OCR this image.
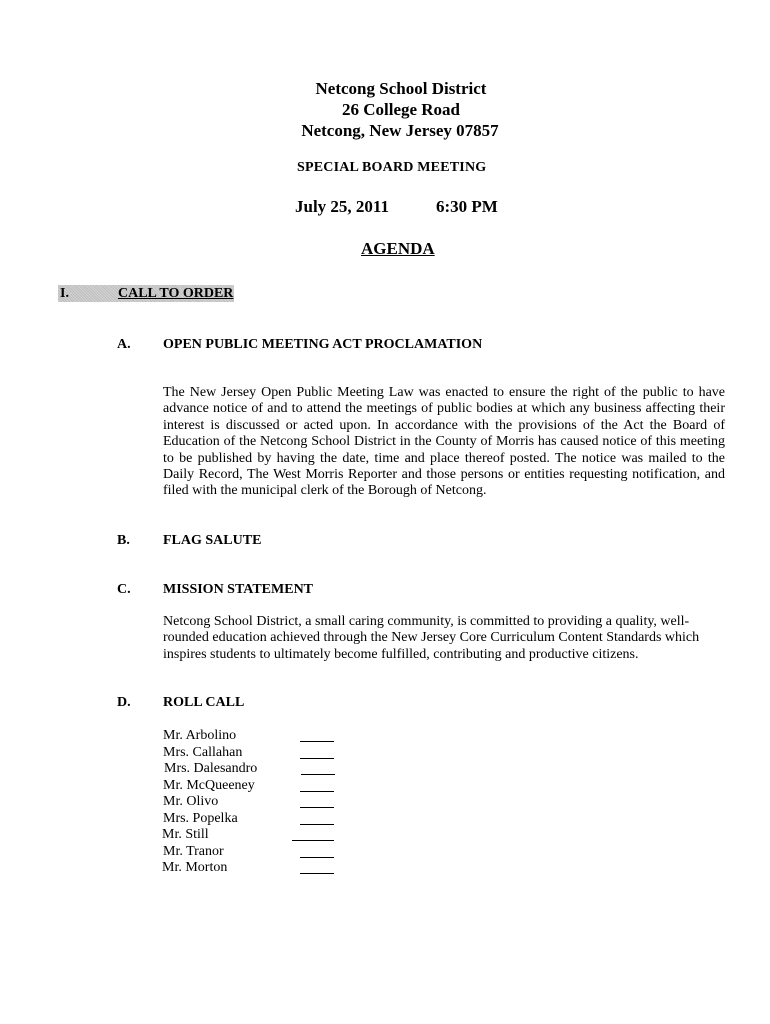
Netcong School District
26 College Road
Netcong, New Jersey 07857
SPECIAL BOARD MEETING
July 25, 2011	6:30 PM
AGENDA
I.	CALL TO ORDER
A. OPEN PUBLIC MEETING ACT PROCLAMATION
The New Jersey Open Public Meeting Law was enacted to ensure the right of the public to have advance notice of and to attend the meetings of public bodies at which any business affecting their interest is discussed or acted upon. In accordance with the provisions of the Act the Board of Education of the Netcong School District in the County of Morris has caused notice of this meeting to be published by having the date, time and place thereof posted. The notice was mailed to the Daily Record, The West Morris Reporter and those persons or entities requesting notification, and filed with the municipal clerk of the Borough of Netcong.
B. FLAG SALUTE
C. MISSION STATEMENT
Netcong School District, a small caring community, is committed to providing a quality, well-rounded education achieved through the New Jersey Core Curriculum Content Standards which inspires students to ultimately become fulfilled, contributing and productive citizens.
D. ROLL CALL
Mr. Arbolino
Mrs. Callahan
Mrs. Dalesandro
Mr. McQueeney
Mr. Olivo
Mrs. Popelka
Mr. Still
Mr. Tranor
Mr. Morton
